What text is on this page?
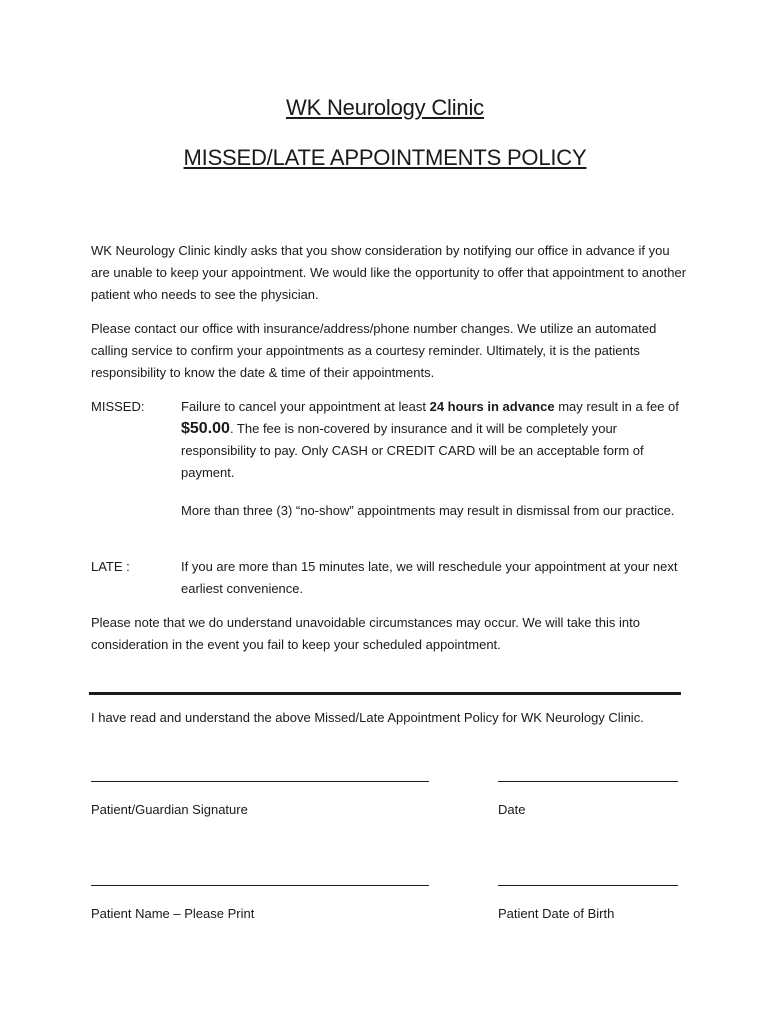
WK Neurology Clinic
MISSED/LATE APPOINTMENTS POLICY
WK Neurology Clinic kindly asks that you show consideration by notifying our office in advance if you are unable to keep your appointment. We would like the opportunity to offer that appointment to another patient who needs to see the physician.
Please contact our office with insurance/address/phone number changes. We utilize an automated calling service to confirm your appointments as a courtesy reminder. Ultimately, it is the patients responsibility to know the date & time of their appointments.
MISSED:	Failure to cancel your appointment at least 24 hours in advance may result in a fee of $50.00. The fee is non-covered by insurance and it will be completely your responsibility to pay. Only CASH or CREDIT CARD will be an acceptable form of payment.
More than three (3) “no-show” appointments may result in dismissal from our practice.
LATE :	If you are more than 15 minutes late, we will reschedule your appointment at your next earliest convenience.
Please note that we do understand unavoidable circumstances may occur. We will take this into consideration in the event you fail to keep your scheduled appointment.
I have read and understand the above Missed/Late Appointment Policy for WK Neurology Clinic.
Patient/Guardian Signature	Date
Patient Name – Please Print	Patient Date of Birth
